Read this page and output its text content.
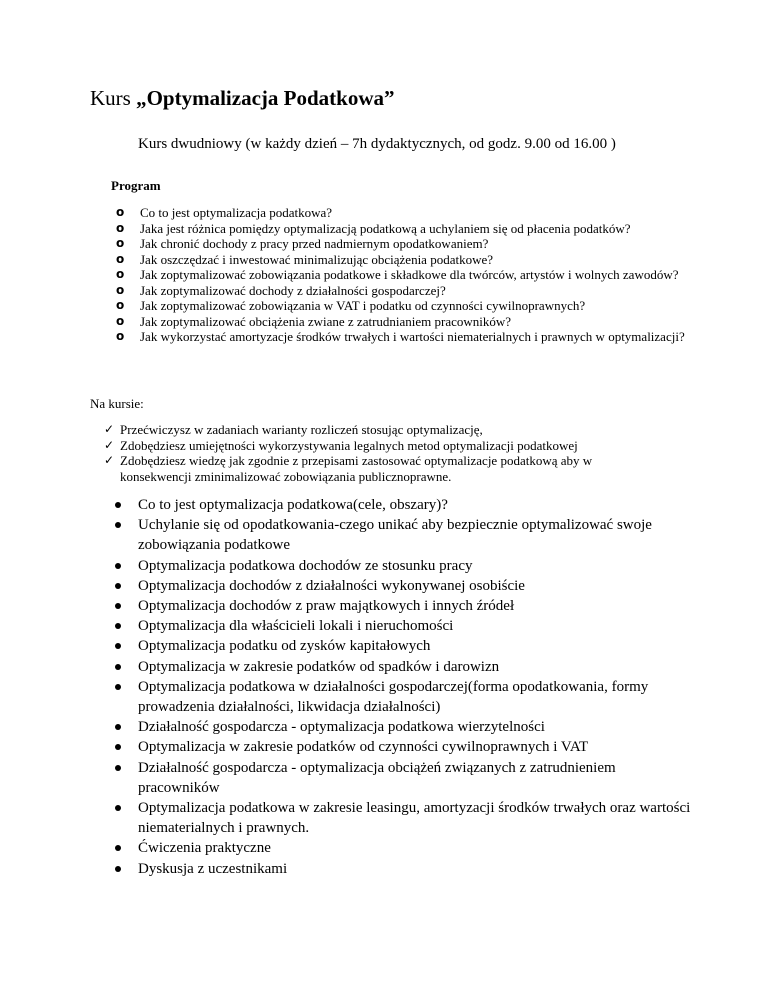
Kurs „Optymalizacja Podatkowa”
Kurs dwudniowy (w każdy dzień – 7h dydaktycznych, od godz. 9.00 od 16.00 )
Program
o Co to jest optymalizacja podatkowa?
o Jaka jest różnica pomiędzy optymalizacją podatkową a uchylaniem się od płacenia podatków?
o Jak chronić dochody z pracy przed nadmiernym opodatkowaniem?
o Jak oszczędzać i inwestować minimalizując obciążenia podatkowe?
o Jak zoptymalizować zobowiązania podatkowe i składkowe dla twórców, artystów i wolnych zawodów?
o Jak zoptymalizować dochody z działalności gospodarczej?
o Jak zoptymalizować zobowiązania w VAT i podatku od czynności cywilnoprawnych?
o Jak zoptymalizować obciążenia zwiane z zatrudnianiem pracowników?
o Jak wykorzystać amortyzacje środków trwałych i wartości niematerialnych i prawnych w optymalizacji?
Na kursie:
✓ Przećwiczysz w zadaniach warianty rozliczeń stosując optymalizację,
✓ Zdobędziesz umiejętności wykorzystywania legalnych metod optymalizacji podatkowej
✓ Zdobędziesz wiedzę jak zgodnie z przepisami zastosować optymalizacje podatkową aby w konsekwencji zminimalizować zobowiązania publicznoprawne.
Co to jest optymalizacja podatkowa(cele, obszary)?
Uchylanie się od opodatkowania-czego unikać aby bezpiecznie optymalizować swoje zobowiązania podatkowe
Optymalizacja podatkowa dochodów ze stosunku pracy
Optymalizacja dochodów z działalności wykonywanej osobiście
Optymalizacja dochodów z praw majątkowych i innych źródeł
Optymalizacja dla właścicieli lokali i nieruchomości
Optymalizacja podatku od zysków kapitałowych
Optymalizacja w zakresie podatków od spadków i darowizn
Optymalizacja podatkowa w działalności gospodarczej(forma opodatkowania, formy prowadzenia działalności, likwidacja działalności)
Działalność gospodarcza - optymalizacja podatkowa wierzytelności
Optymalizacja w zakresie podatków od czynności cywilnoprawnych i VAT
Działalność gospodarcza - optymalizacja obciążeń związanych z zatrudnieniem pracowników
Optymalizacja podatkowa w zakresie leasingu, amortyzacji środków trwałych oraz wartości niematerialnych i prawnych.
Ćwiczenia praktyczne
Dyskusja z uczestnikami
